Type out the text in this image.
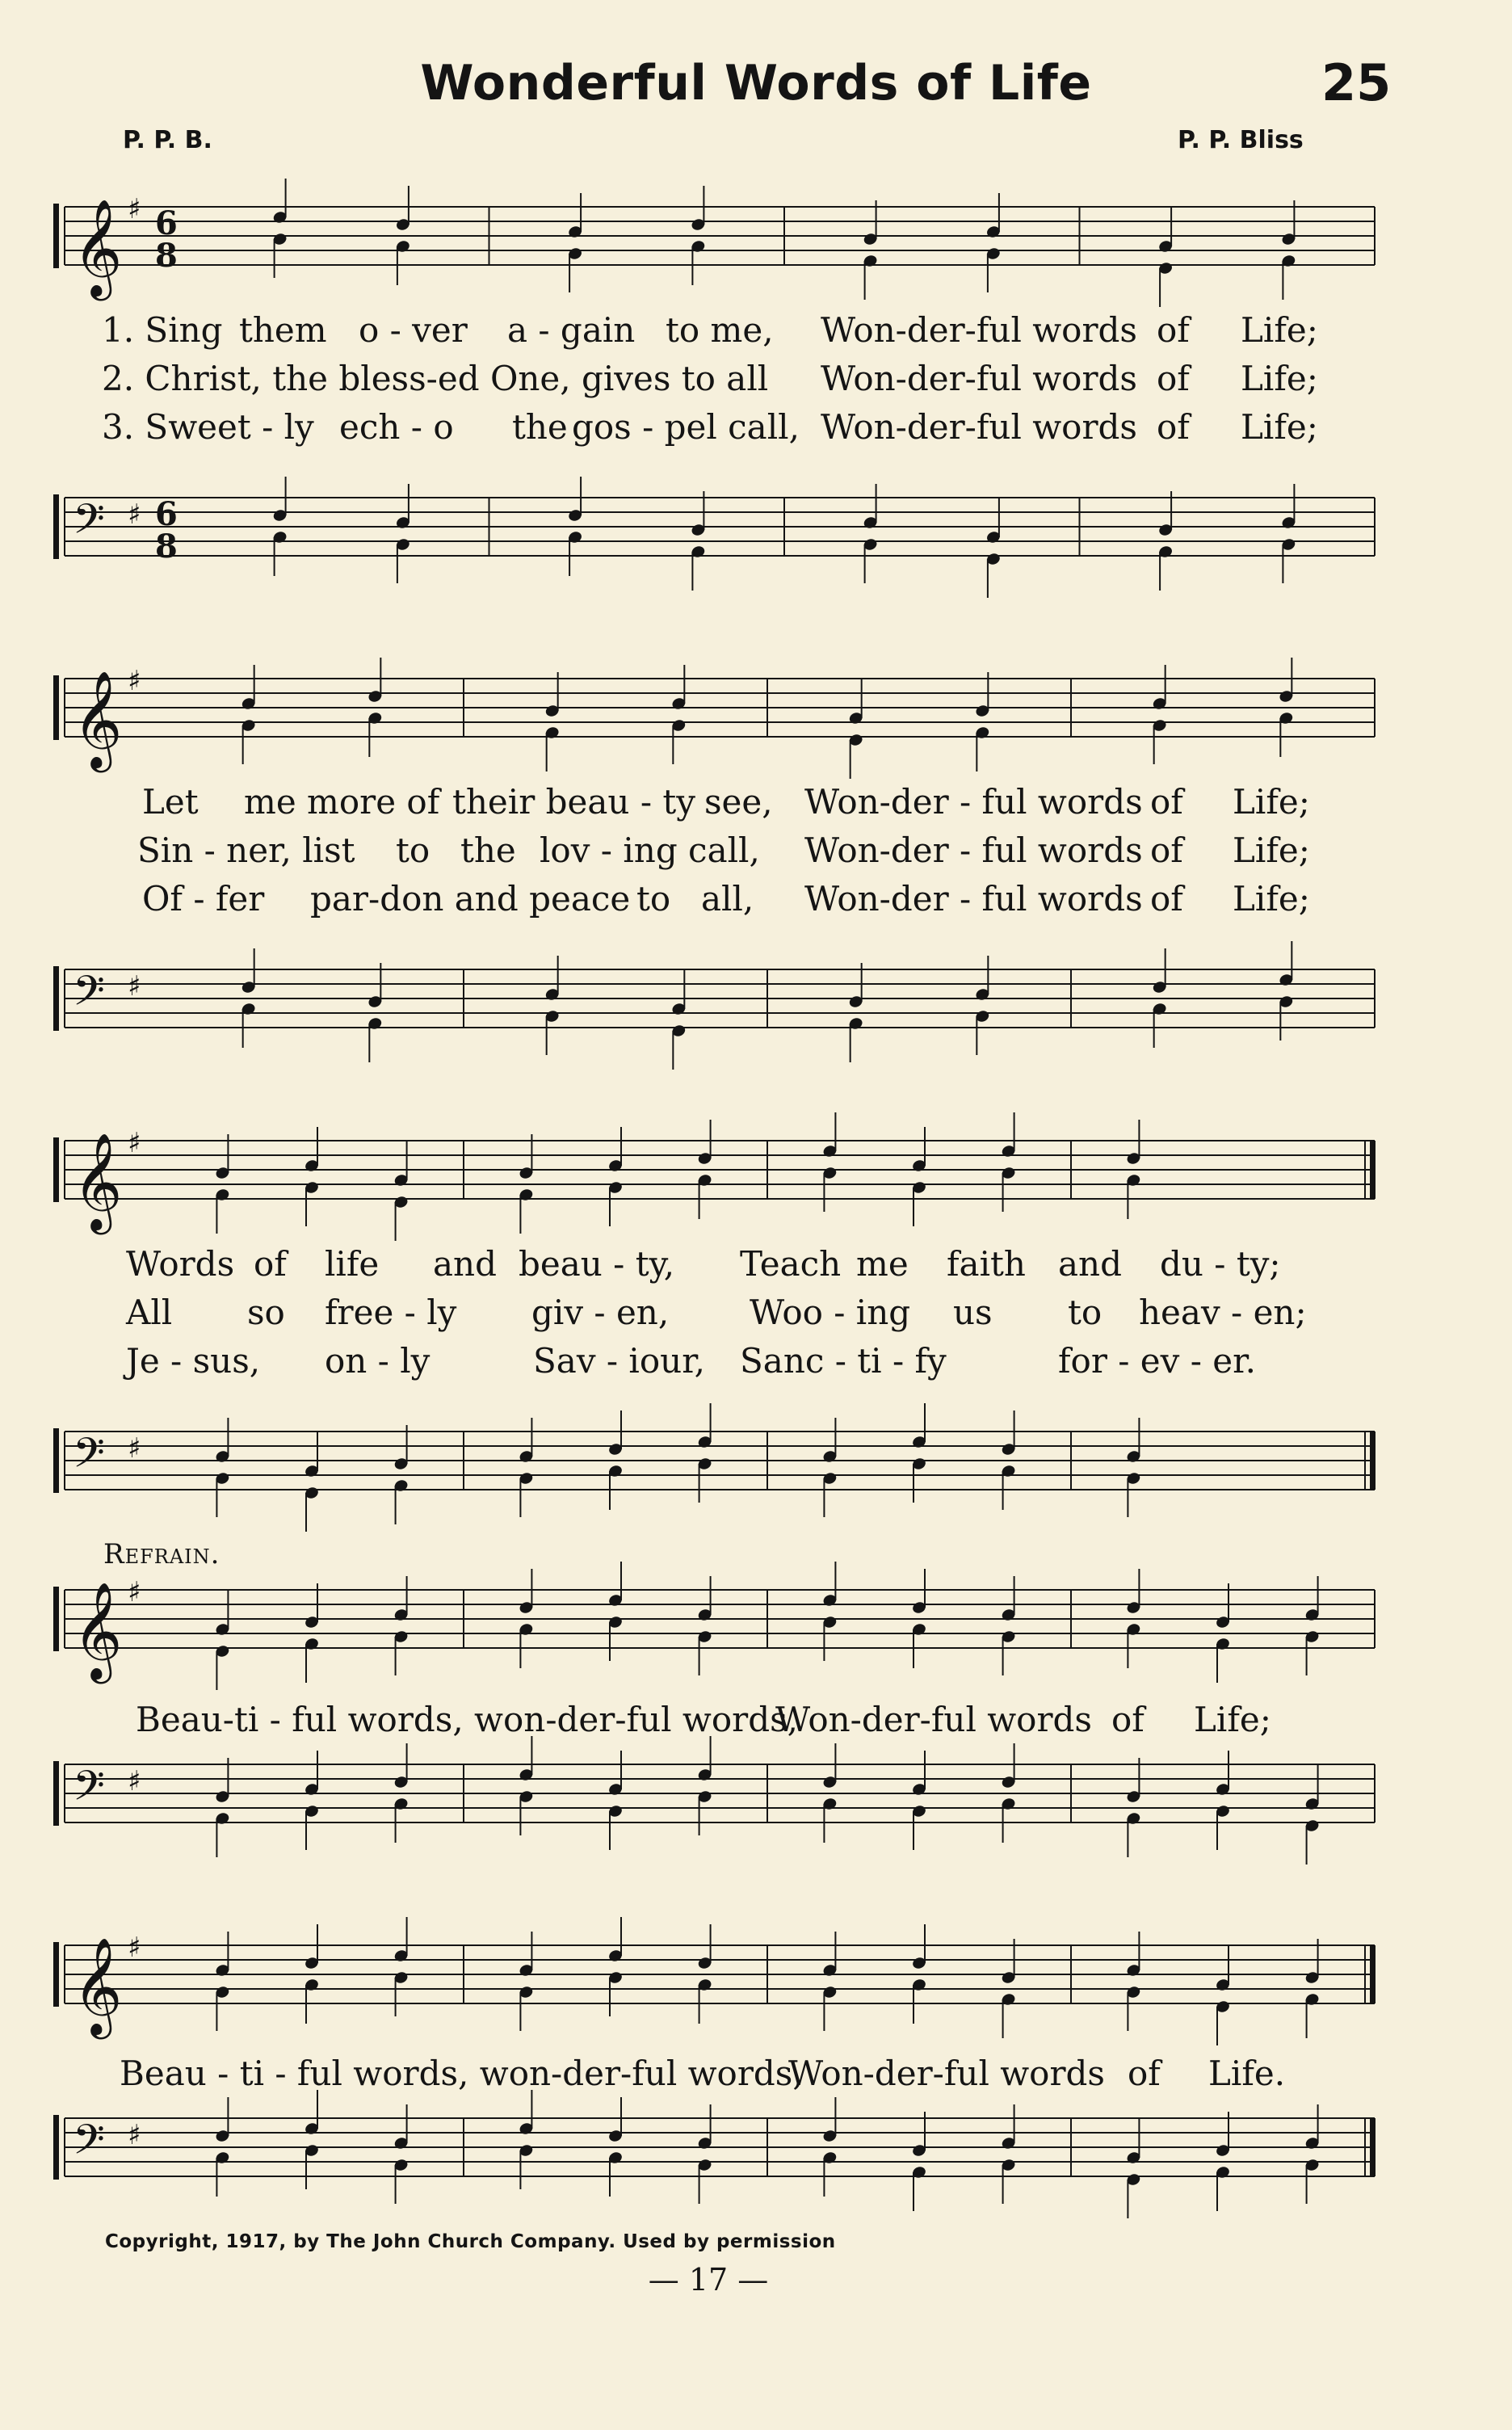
Wonderful Words of Life	25
P. P. B.	P. P. Bliss
𝄞 ♯ 6
8
1. Sing them o - ver a - gain to me, Won-der-ful words of Life;
2. Christ, the bless-ed One, gives to all Won-der-ful words of Life;
3. Sweet - ly ech - o the gos - pel call, Won-der-ful words of Life;
𝄢 ♯ 6
8
𝄞 ♯
Let me more of their beau - ty see, Won-der - ful words of Life;
Sin - ner, list to the lov - ing call, Won-der - ful words of Life;
Of - fer par-don and peace to all, Won-der - ful words of Life;
𝄢 ♯
𝄞 ♯
Words of life and beau - ty, Teach me faith and du - ty;
All so free - ly giv - en, Woo - ing us to heav - en;
Je - sus, on - ly	Sav - iour, Sanc - ti - fy	for - ev - er.
𝄢 ♯
Refrain.
𝄞 ♯
Beau-ti - ful words, won-der-ful words,
Won-der-ful words of Life;
𝄢 ♯
𝄞 ♯
Beau - ti - ful words, won-der-ful words,
Won-der-ful words of Life.
𝄢 ♯
Copyright, 1917, by The John Church Company. Used by permission
— 17 —
